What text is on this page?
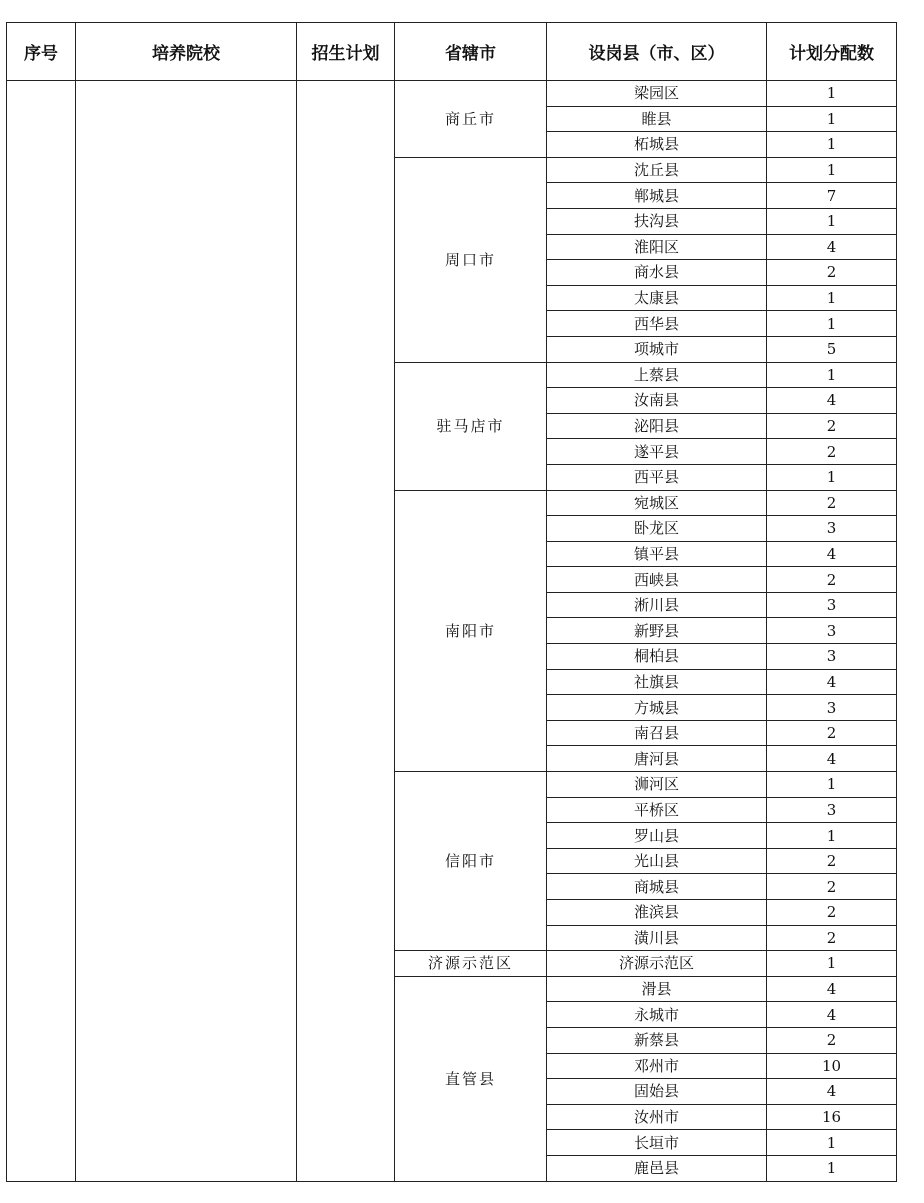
序号	培养院校	招生计划	省辖市	设岗县（市、区）	计划分配数
			商丘市	梁园区	1
				睢县	1
				柘城县	1
			周口市	沈丘县	1
				郸城县	7
				扶沟县	1
				淮阳区	4
				商水县	2
				太康县	1
				西华县	1
				项城市	5
			驻马店市	上蔡县	1
				汝南县	4
				泌阳县	2
				遂平县	2
				西平县	1
			南阳市	宛城区	2
				卧龙区	3
				镇平县	4
				西峡县	2
				淅川县	3
				新野县	3
				桐柏县	3
				社旗县	4
				方城县	3
				南召县	2
				唐河县	4
			信阳市	浉河区	1
				平桥区	3
				罗山县	1
				光山县	2
				商城县	2
				淮滨县	2
				潢川县	2
			济源示范区	济源示范区	1
			直管县	滑县	4
				永城市	4
				新蔡县	2
				邓州市	10
				固始县	4
				汝州市	16
				长垣市	1
				鹿邑县	1
